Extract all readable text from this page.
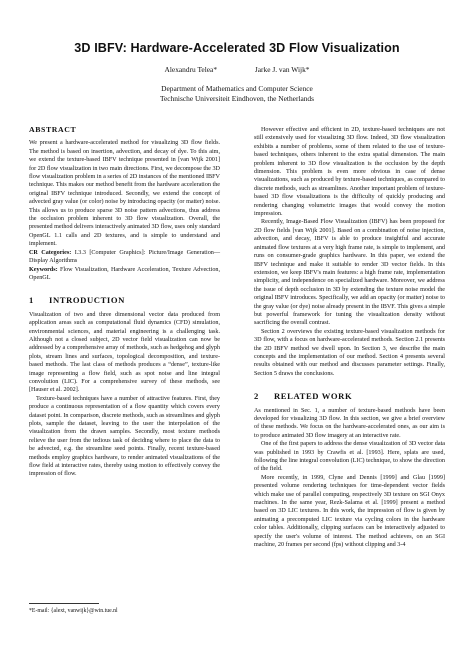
3D IBFV: Hardware-Accelerated 3D Flow Visualization
Alexandru Telea*	Jarke J. van Wijk*
Department of Mathematics and Computer Science
Technische Universiteit Eindhoven, the Netherlands
ABSTRACT

We present a hardware-accelerated method for visualizing 3D flow fields. The method is based on insertion, advection, and decay of dye. To this aim, we extend the texture-based IBFV technique presented in [van Wijk 2001] for 2D flow visualization in two main directions. First, we decompose the 3D flow visualization problem in a series of 2D instances of the mentioned IBFV technique. This makes our method benefit from the hardware acceleration the original IBFV technique introduced. Secondly, we extend the concept of advected gray value (or color) noise by introducing opacity (or matter) noise. This allows us to produce sparse 3D noise pattern advections, thus address the occlusion problem inherent to 3D flow visualization. Overall, the presented method delivers interactively animated 3D flow, uses only standard OpenGL 1.1 calls and 2D textures, and is simple to understand and implement.

CR Categories: I.3.3 [Computer Graphics]: Picture/Image Generation—Display Algorithms

Keywords: Flow Visualization, Hardware Acceleration, Texture Advection, OpenGL

1 INTRODUCTION

Visualization of two and three dimensional vector data produced from application areas such as computational fluid dynamics (CFD) simulation, environmental sciences, and material engineering is a challenging task. Although not a closed subject, 2D vector field visualization can now be addressed by a comprehensive array of methods, such as hedgehog and glyph plots, stream lines and surfaces, topological decomposition, and texture-based methods. The last class of methods produces a “dense”, texture-like image representing a flow field, such as spot noise and line integral convolution (LIC). For a comprehensive survey of these methods, see [Hauser et al. 2002].

Texture-based techniques have a number of attractive features. First, they produce a continuous representation of a flow quantity which covers every dataset point. In comparison, discrete methods, such as streamlines and glyph plots, sample the dataset, leaving to the user the interpolation of the visualization from the drawn samples. Secondly, most texture methods relieve the user from the tedious task of deciding where to place the data to be advected, e.g. the streamline seed points. Finally, recent texture-based methods employ graphics hardware, to render animated visualizations of the flow field at interactive rates, thereby using motion to effectively convey the impression of flow.

*E-mail: {alext, vanwijk}@win.tue.nl

However effective and efficient in 2D, texture-based techniques are not still extensively used for visualizing 3D flow. Indeed, 3D flow visualization exhibits a number of problems, some of them related to the use of texture-based techniques, others inherent to the extra spatial dimension. The main problem inherent to 3D flow visualization is the occlusion by the depth dimension. This problem is even more obvious in case of dense visualizations, such as produced by texture-based techniques, as compared to discrete methods, such as streamlines. Another important problem of texture-based 3D flow visualizations is the difficulty of quickly producing and rendering changing volumetric images that would convey the motion impression.

Recently, Image-Based Flow Visualization (IBFV) has been proposed for 2D flow fields [van Wijk 2001]. Based on a combination of noise injection, advection, and decay, IBFV is able to produce insightful and accurate animated flow textures at a very high frame rate, is simple to implement, and runs on consumer-grade graphics hardware. In this paper, we extend the IBFV technique and make it suitable to render 3D vector fields. In this extension, we keep IBFV's main features: a high frame rate, implementation simplicity, and independence on specialized hardware. Moreover, we address the issue of depth occlusion in 3D by extending the texture noise model the original IBFV introduces. Specifically, we add an opacity (or matter) noise to the gray value (or dye) noise already present in the IBVF. This gives a simple but powerful framework for tuning the visualization density without sacrificing the overall contrast.

Section 2 overviews the existing texture-based visualization methods for 3D flow, with a focus on hardware-accelerated methods. Section 2.1 presents the 2D IBFV method we dwell upon. In Section 3, we describe the main concepts and the implementation of our method. Section 4 presents several results obtained with our method and discusses parameter settings. Finally, Section 5 draws the conclusions.

2 RELATED WORK

As mentioned in Sec. 1, a number of texture-based methods have been developed for visualizing 3D flow. In this section, we give a brief overview of these methods. We focus on the hardware-accelerated ones, as our aim is to produce animated 3D flow imagery at an interactive rate.

One of the first papers to address the dense visualization of 3D vector data was published in 1993 by Crawfis et al. [1993]. Here, splats are used, following the line integral convolution (LIC) technique, to show the direction of the field.

More recently, in 1999, Clyne and Dennis [1999] and Glau [1999] presented volume rendering techniques for time-dependent vector fields which make use of parallel computing, respectively 3D texture on SGI Onyx machines. In the same year, Rezk-Salama et al. [1999] present a method based on 3D LIC textures. In this work, the impression of flow is given by animating a precomputed LIC texture via cycling colors in the hardware color tables. Additionally, clipping surfaces can be interactively adjusted to specify the user's volume of interest. The method achieves, on an SGI machine, 20 frames per second (fps) without clipping and 3-4
